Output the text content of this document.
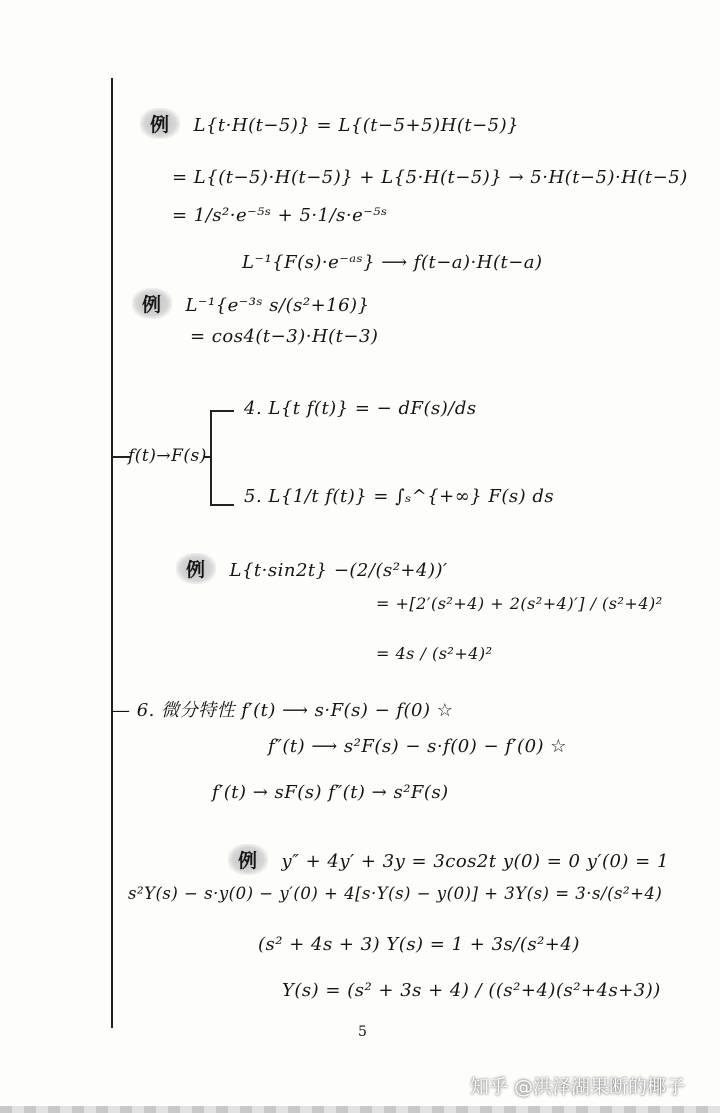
例 L{t·H(t−5)} = L{(t−5+5)H(t−5)}
= L{(t−5)·H(t−5)} + L{5·H(t−5)} → 5·H(t−5)·H(t−5)
= 1/s²·e⁻⁵ˢ + 5·1/s·e⁻⁵ˢ
L⁻¹{F(s)·e⁻ᵃˢ} ⟶ f(t−a)·H(t−a)
例 L⁻¹{e⁻³ˢ s/(s²+16)}
= cos4(t−3)·H(t−3)
4. L{t f(t)} = − dF(s)/ds
f(t)→F(s)
5. L{1/t f(t)} = ∫ₛ^{+∞} F(s) ds
例 L{t·sin2t} −(2/(s²+4))′
= +[2′(s²+4) + 2(s²+4)′] / (s²+4)²
= 4s / (s²+4)²
— 6. 微分特性 f′(t) ⟶ s·F(s) − f(0) ☆
f″(t) ⟶ s²F(s) − s·f(0) − f′(0) ☆
f′(t) → sF(s) f″(t) → s²F(s)
例 y″ + 4y′ + 3y = 3cos2t y(0) = 0 y′(0) = 1
s²Y(s) − s·y(0) − y′(0) + 4[s·Y(s) − y(0)] + 3Y(s) = 3·s/(s²+4)
(s² + 4s + 3) Y(s) = 1 + 3s/(s²+4)
Y(s) = (s² + 3s + 4) / ((s²+4)(s²+4s+3))
5
知乎 @洪泽湖果断的椰子
